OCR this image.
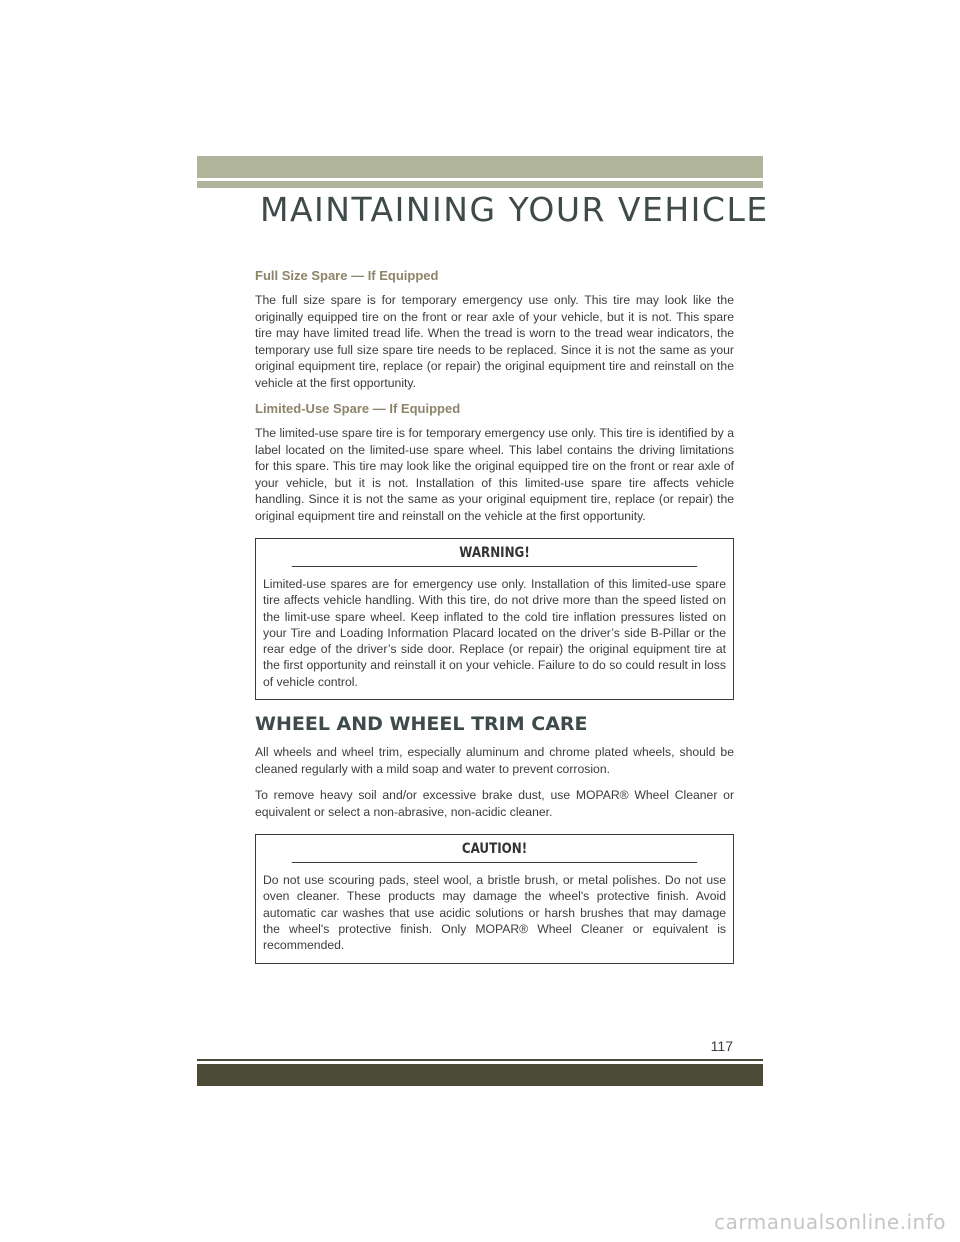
MAINTAINING YOUR VEHICLE
Full Size Spare — If Equipped

The full size spare is for temporary emergency use only. This tire may look like the originally equipped tire on the front or rear axle of your vehicle, but it is not. This spare tire may have limited tread life. When the tread is worn to the tread wear indicators, the temporary use full size spare tire needs to be replaced. Since it is not the same as your original equipment tire, replace (or repair) the original equipment tire and reinstall on the vehicle at the first opportunity.

Limited-Use Spare — If Equipped

The limited-use spare tire is for temporary emergency use only. This tire is identified by a label located on the limited-use spare wheel. This label contains the driving limitations for this spare. This tire may look like the original equipped tire on the front or rear axle of your vehicle, but it is not. Installation of this limited-use spare tire affects vehicle handling. Since it is not the same as your original equipment tire, replace (or repair) the original equipment tire and reinstall on the vehicle at the first opportunity.

WARNING!

Limited-use spares are for emergency use only. Installation of this limited-use spare tire affects vehicle handling. With this tire, do not drive more than the speed listed on the limit-use spare wheel. Keep inflated to the cold tire inflation pressures listed on your Tire and Loading Information Placard located on the driver’s side B-Pillar or the rear edge of the driver’s side door. Replace (or repair) the original equipment tire at the first opportunity and reinstall it on your vehicle. Failure to do so could result in loss of vehicle control.

WHEEL AND WHEEL TRIM CARE

All wheels and wheel trim, especially aluminum and chrome plated wheels, should be cleaned regularly with a mild soap and water to prevent corrosion.

To remove heavy soil and/or excessive brake dust, use MOPAR® Wheel Cleaner or equivalent or select a non-abrasive, non-acidic cleaner.

CAUTION!

Do not use scouring pads, steel wool, a bristle brush, or metal polishes. Do not use oven cleaner. These products may damage the wheel's protective finish. Avoid automatic car washes that use acidic solutions or harsh brushes that may damage the wheel's protective finish. Only MOPAR® Wheel Cleaner or equivalent is recommended.

117
carmanualsonline.info
